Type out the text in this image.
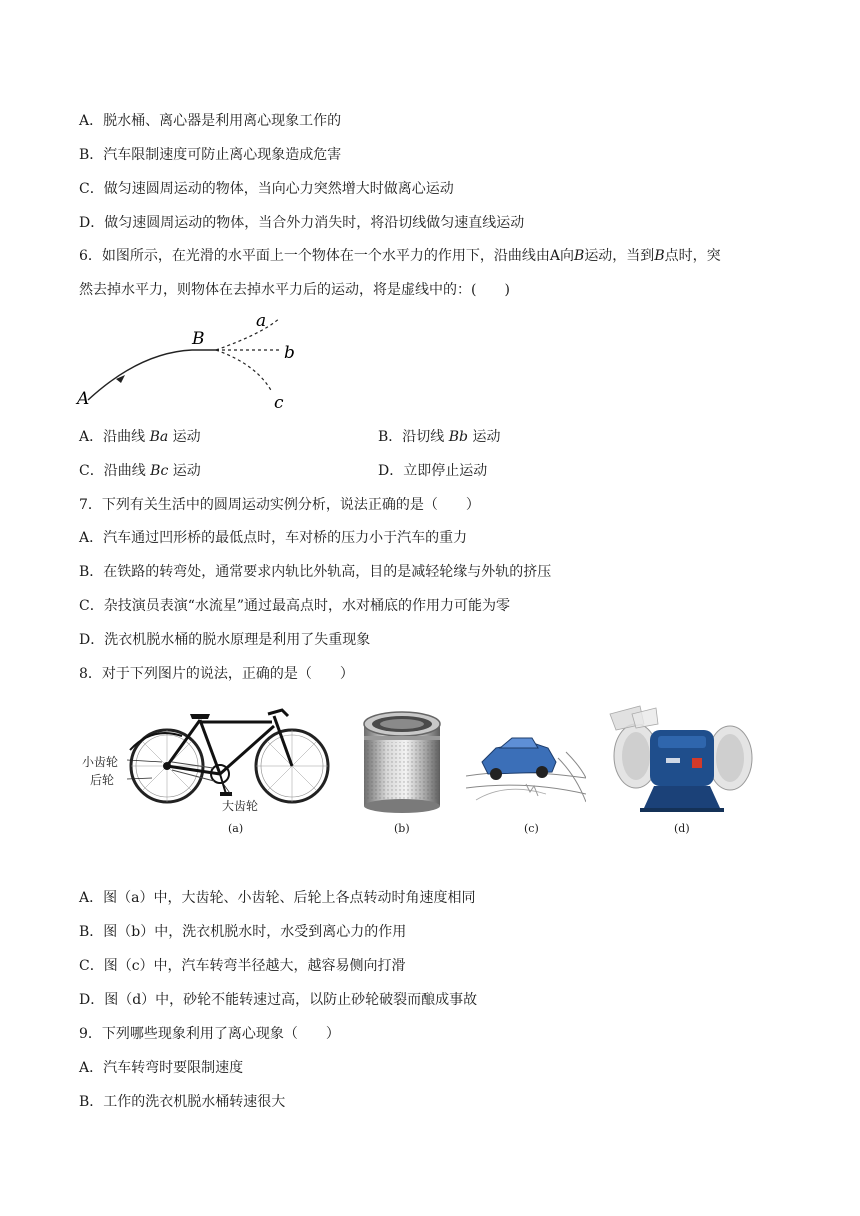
A．脱水桶、离心器是利用离心现象工作的
B．汽车限制速度可防止离心现象造成危害
C．做匀速圆周运动的物体，当向心力突然增大时做离心运动
D．做匀速圆周运动的物体，当合外力消失时，将沿切线做匀速直线运动
6．如图所示，在光滑的水平面上一个物体在一个水平力的作用下，沿曲线由A向B运动，当到B点时，突
然去掉水平力，则物体在去掉水平力后的运动，将是虚线中的：(　　)
A
B
a
b
c
A．沿曲线 Ba 运动	B．沿切线 Bb 运动
C．沿曲线 Bc 运动	D．立即停止运动
7．下列有关生活中的圆周运动实例分析，说法正确的是（　　）
A．汽车通过凹形桥的最低点时，车对桥的压力小于汽车的重力
B．在铁路的转弯处，通常要求内轨比外轨高，目的是减轻轮缘与外轨的挤压
C．杂技演员表演“水流星”通过最高点时，水对桶底的作用力可能为零
D．洗衣机脱水桶的脱水原理是利用了失重现象
8．对于下列图片的说法，正确的是（　　）
小齿轮
后轮
大齿轮
(a)	(b)	(c)	(d)
A．图（a）中，大齿轮、小齿轮、后轮上各点转动时角速度相同
B．图（b）中，洗衣机脱水时，水受到离心力的作用
C．图（c）中，汽车转弯半径越大，越容易侧向打滑
D．图（d）中，砂轮不能转速过高，以防止砂轮破裂而酿成事故
9．下列哪些现象利用了离心现象（　　）
A．汽车转弯时要限制速度
B．工作的洗衣机脱水桶转速很大
